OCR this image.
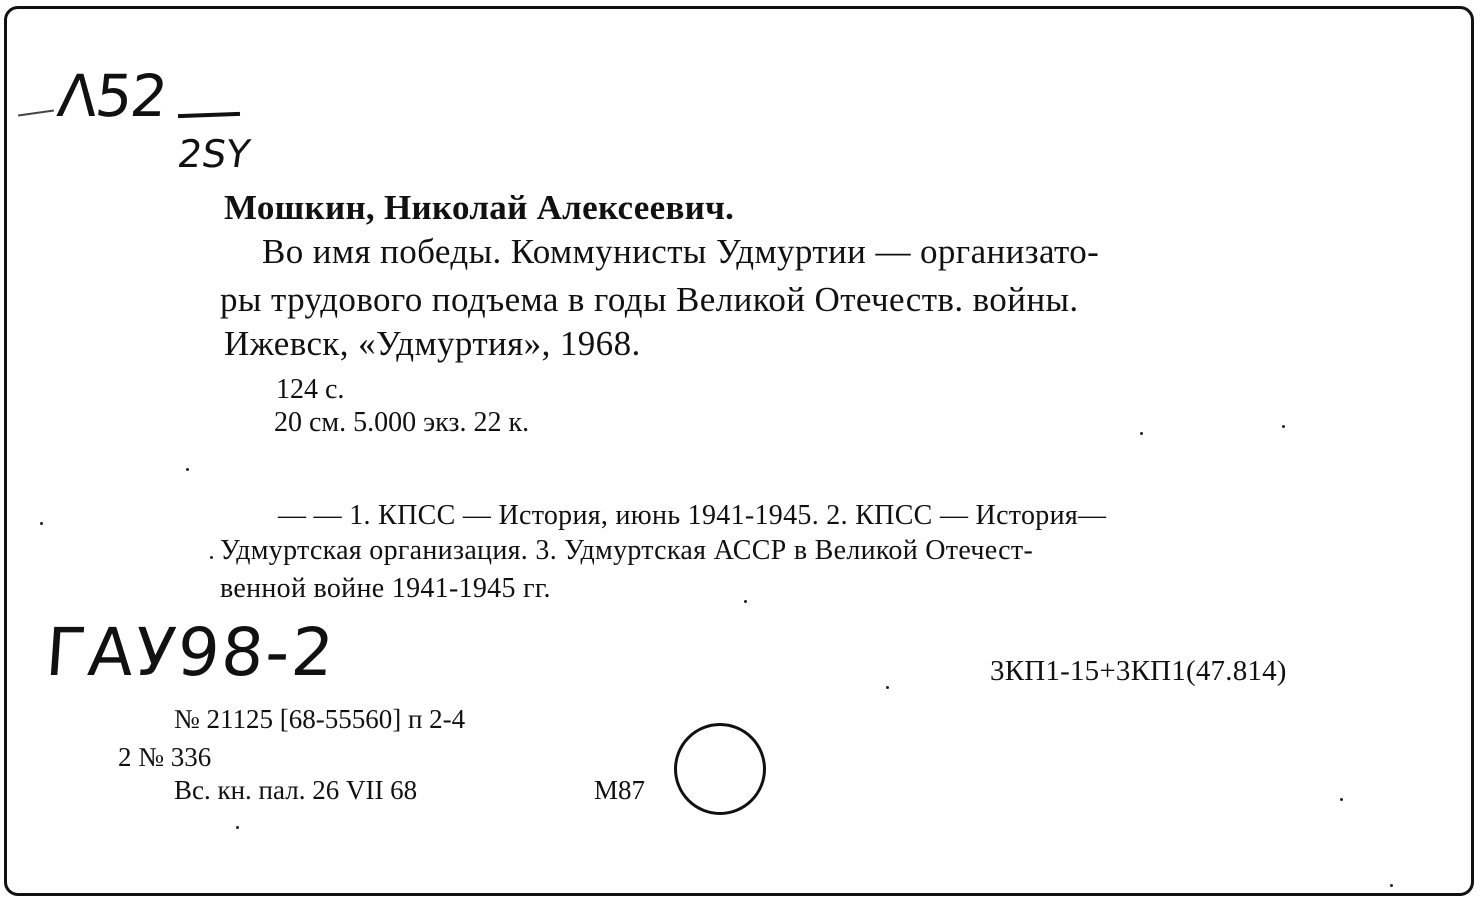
Λ52
2SY
Мошкин, Николай Алексеевич.
Во имя победы. Коммунисты Удмуртии — организато-
ры трудового подъема в годы Великой Отечеств. войны.
Ижевск, «Удмуртия», 1968.
124 с.
20 см. 5.000 экз. 22 к.
— — 1. КПСС — История, июнь 1941-1945. 2. КПСС — История—
Удмуртская организация. 3. Удмуртская АССР в Великой Отечест-
венной войне 1941-1945 гг.
ГАУ98-2	3КП1-15+3КП1(47.814)
№ 21125 [68-55560] п 2-4
2 № 336
Вс. кн. пал. 26 VII 68	М87
